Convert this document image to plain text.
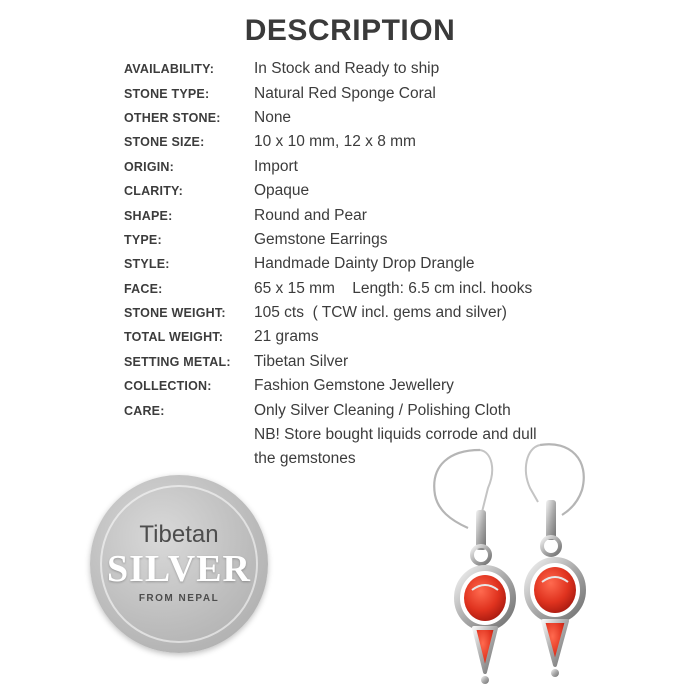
DESCRIPTION
AVAILABILITY:	In Stock and Ready to ship
STONE TYPE:	Natural Red Sponge Coral
OTHER STONE:	None
STONE SIZE:	10 x 10 mm, 12 x 8 mm
ORIGIN:	Import
CLARITY:	Opaque
SHAPE:	Round and Pear
TYPE:	Gemstone Earrings
STYLE:	Handmade Dainty Drop Drangle
FACE:	65 x 15 mm    Length: 6.5 cm incl. hooks
STONE WEIGHT:	105 cts  ( TCW incl. gems and silver)
TOTAL WEIGHT:	21 grams
SETTING METAL:	Tibetan Silver
COLLECTION:	Fashion Gemstone Jewellery
CARE:	Only Silver Cleaning / Polishing Cloth
NB! Store bought liquids corrode and dull
the gemstones
Tibetan
SILVER
FROM NEPAL
